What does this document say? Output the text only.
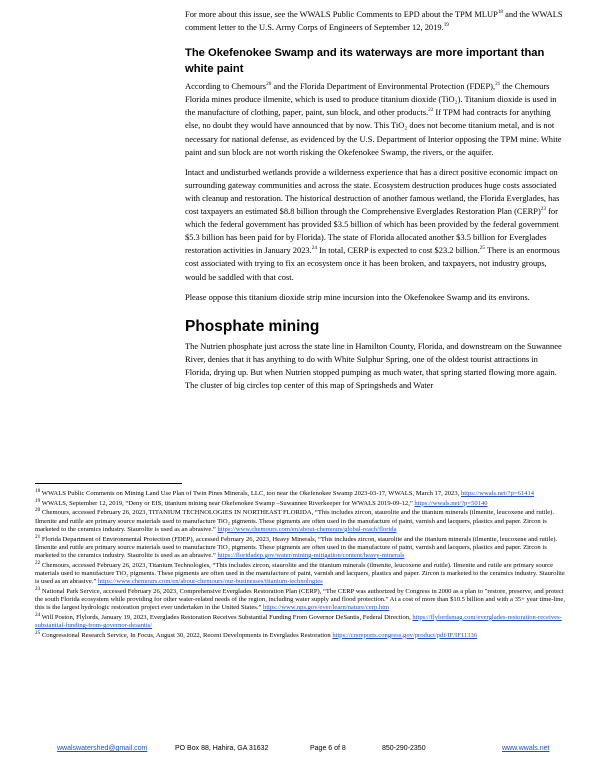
For more about this issue, see the WWALS Public Comments to EPD about the TPM MLUP$^{18}$ and the WWALS comment letter to the U.S. Army Corps of Engineers of September 12, 2019.19

The Okefenokee Swamp and its waterways are more important than white paint

According to Chemours$^{20}$ and the Florida Department of Environmental Protection (FDEP),$^{21}$ the Chemours Florida mines produce ilmenite, which is used to produce titanium dioxide (TiO₂). Titanium dioxide is used in the manufacture of clothing, paper, paint, sun block, and other products.$^{22}$ If TPM had contracts for anything else, no doubt they would have announced that by now. This TiO₂ does not become titanium metal, and is not necessary for national defense, as evidenced by the U.S. Department of Interior opposing the TPM mine. White paint and sun block are not worth risking the Okefenokee Swamp, the rivers, or the aquifer.

Intact and undisturbed wetlands provide a wilderness experience that has a direct positive economic impact on surrounding gateway communities and across the state. Ecosystem destruction produces huge costs associated with cleanup and restoration. The historical destruction of another famous wetland, the Florida Everglades, has cost taxpayers an estimated $8.8 billion through the Comprehensive Everglades Restoration Plan (CERP)$^{23}$ for which the federal government has provided $3.5 billion of which has been provided by the federal government $5.3 billion has been paid for by Florida). The state of Florida allocated another $3.5 billion for Everglades restoration activities in January 2023.24 In total, CERP is expected to cost $23.2 billion.$^{25}$ There is an enormous cost associated with trying to fix an ecosystem once it has been broken, and taxpayers, not industry groups, would be saddled with that cost.

Please oppose this titanium dioxide strip mine incursion into the Okefenokee Swamp and its environs.

Phosphate mining

The Nutrien phosphate just across the state line in Hamilton County, Florida, and downstream on the Suwannee River, denies that it has anything to do with White Sulphur Spring, one of the oldest tourist attractions in Florida, drying up. But when Nutrien stopped pumping as much water, that spring started flowing more again. The cluster of big circles top center of this map of Springsheds and Water

$^{18}$ WWALS Public Comments on Mining Land Use Plan of Twin Pines Minerals, LLC, too near the Okefenokee Swamp 2023-03-17, WWALS, March 17, 2023, https://wwals.net/?p=61414

$^{19}$ WWALS, September 12, 2019, “Deny or EIS, titanium mining near Okefenokee Swamp –Suwannee Riverkeeper for WWALS 2019-09-12,” https://wwals.net/?p=50140

$^{20}$ Chemours, accessed February 26, 2023, TITANIUM TECHNOLOGIES IN NORTHEAST FLORIDA, “This includes zircon, staurolite and the titanium minerals (ilmenite, leucoxene and rutile). Ilmenite and rutile are primary source materials used to manufacture TiO₂ pigments. These pigments are often used in the manufacture of paint, varnish and lacquers, plastics and paper. Zircon is marketed to the ceramics industry. Staurolite is used as an abrasive.” https://www.chemours.com/en/about-chemours/global-reach/florida

$^{21}$ Florida Department of Environmental Protection (FDEP), accessed February 26, 2023, Heavy Minerals, “This includes zircon, staurolite and the titanium minerals (ilmenite, leucoxene and rutile). Ilmenite and rutile are primary source materials used to manufacture TiO₂ pigments. These pigments are often used in the manufacture of paint, varnish and lacquers, plastics and paper. Zircon is marketed to the ceramics industry. Staurolite is used as an abrasive.” https://floridadep.gov/water/mining-mitigation/content/heavy-minerals

$^{22}$ Chemours, accessed February 26, 2023, Titanium Technologies, “This includes zircon, staurolite and the titanium minerals (ilmenite, leucoxene and rutile). Ilmenite and rutile are primary source materials used to manufacture TiO₂ pigments. These pigments are often used in the manufacture of paint, varnish and lacquers, plastics and paper. Zircon is marketed to the ceramics industry. Staurolite is used as an abrasive.” https://www.chemours.com/en/about-chemours/our-businesses/titanium-technologies

$^{23}$ National Park Service, accessed February 26, 2023, Comprehensive Everglades Restoration Plan (CERP), “The CERP was authorized by Congress in 2000 as a plan to "restore, preserve, and protect the south Florida ecosystem while providing for other water-related needs of the region, including water supply and flood protection." At a cost of more than $10.5 billion and with a 35+ year time-line, this is the largest hydrologic restoration project ever undertaken in the United States.” https://www.nps.gov/ever/learn/nature/cerp.htm

$^{24}$ Will Poston, Flylords, January 19, 2023, Everglades Restoration Receives Substantial Funding From Governor DeSantis, Federal Direction, https://flylordsmag.com/everglades-restoration-receives-substantial-funding-from-governor-desantis/

$^{25}$ Congressional Research Service, In Focus, August 30, 2022, Recent Developments in Everglades Restoration https://crsreports.congress.gov/product/pdf/IF/IF11336

wwalswatershed@gmail.com	PO Box 88, Hahira, GA 31632	Page 6 of 8	850-290-2350	www.wwals.net
